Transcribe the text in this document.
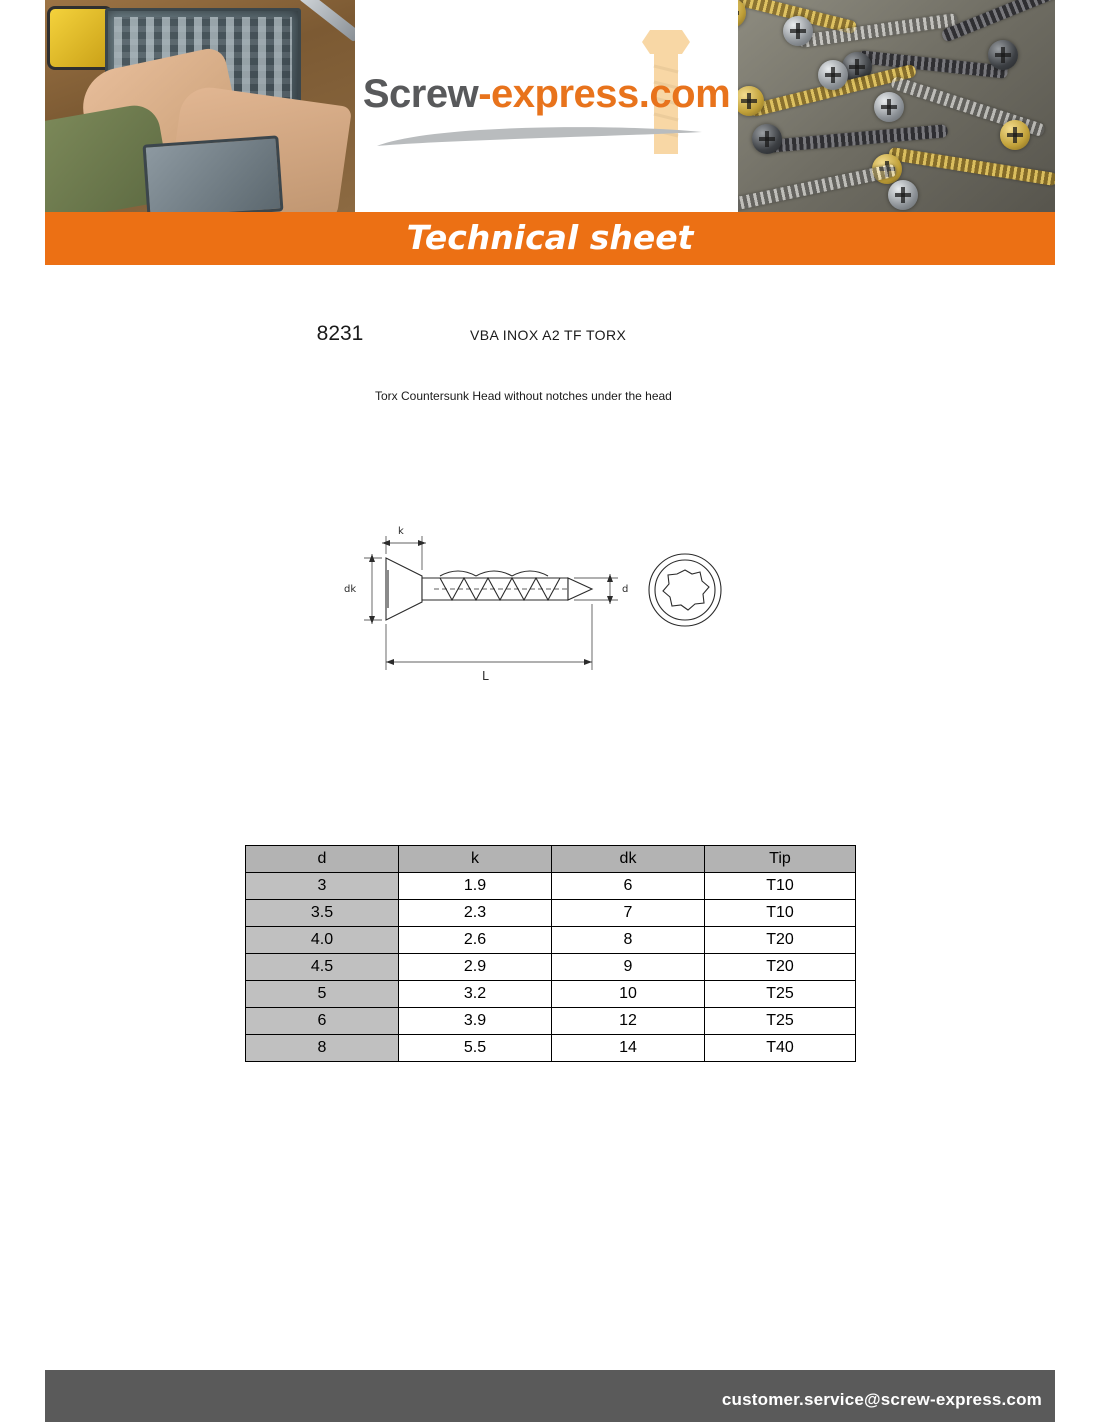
Screw-express.com
Technical sheet

8231	VBA INOX A2 TF TORX
Torx Countersunk Head without notches under the head
k
dk	d
L
d	k	dk	Tip
3	1.9	6	T10
3.5	2.3	7	T10
4.0	2.6	8	T20
4.5	2.9	9	T20
5	3.2	10	T25
6	3.9	12	T25
8	5.5	14	T40
customer.service@screw-express.com
